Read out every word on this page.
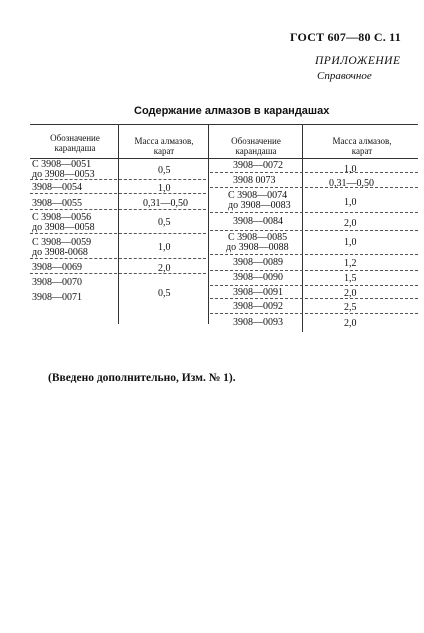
ГОСТ 607—80 С. 11
ПРИЛОЖЕНИЕ
Справочное
Содержание алмазов в карандашах
Обозначение
карандаша
Масса алмазов,
карат
Обозначение
карандаша
Масса алмазов,
карат
С 3908—0051
до 3908—0053
3908—0054
3908—0055
С 3908—0056
до 3908—0058
С 3908—0059
до 3908-0068
3908—0069
3908—0070
3908—0071
0,5
1,0
0,31—0,50
0,5
1,0
2,0
0,5
3908—0072
3908 0073
С 3908—0074
до 3908—0083
3908—0084
С 3908—0085
до 3908—0088
3908—0089
3908—0090
3908—0091
3908—0092
3908—0093
1,0
0,31—0,50
1,0
2,0
1,0
1,2
1,5
2,0
2,5
2,0
(Введено дополнительно, Изм. № 1).
